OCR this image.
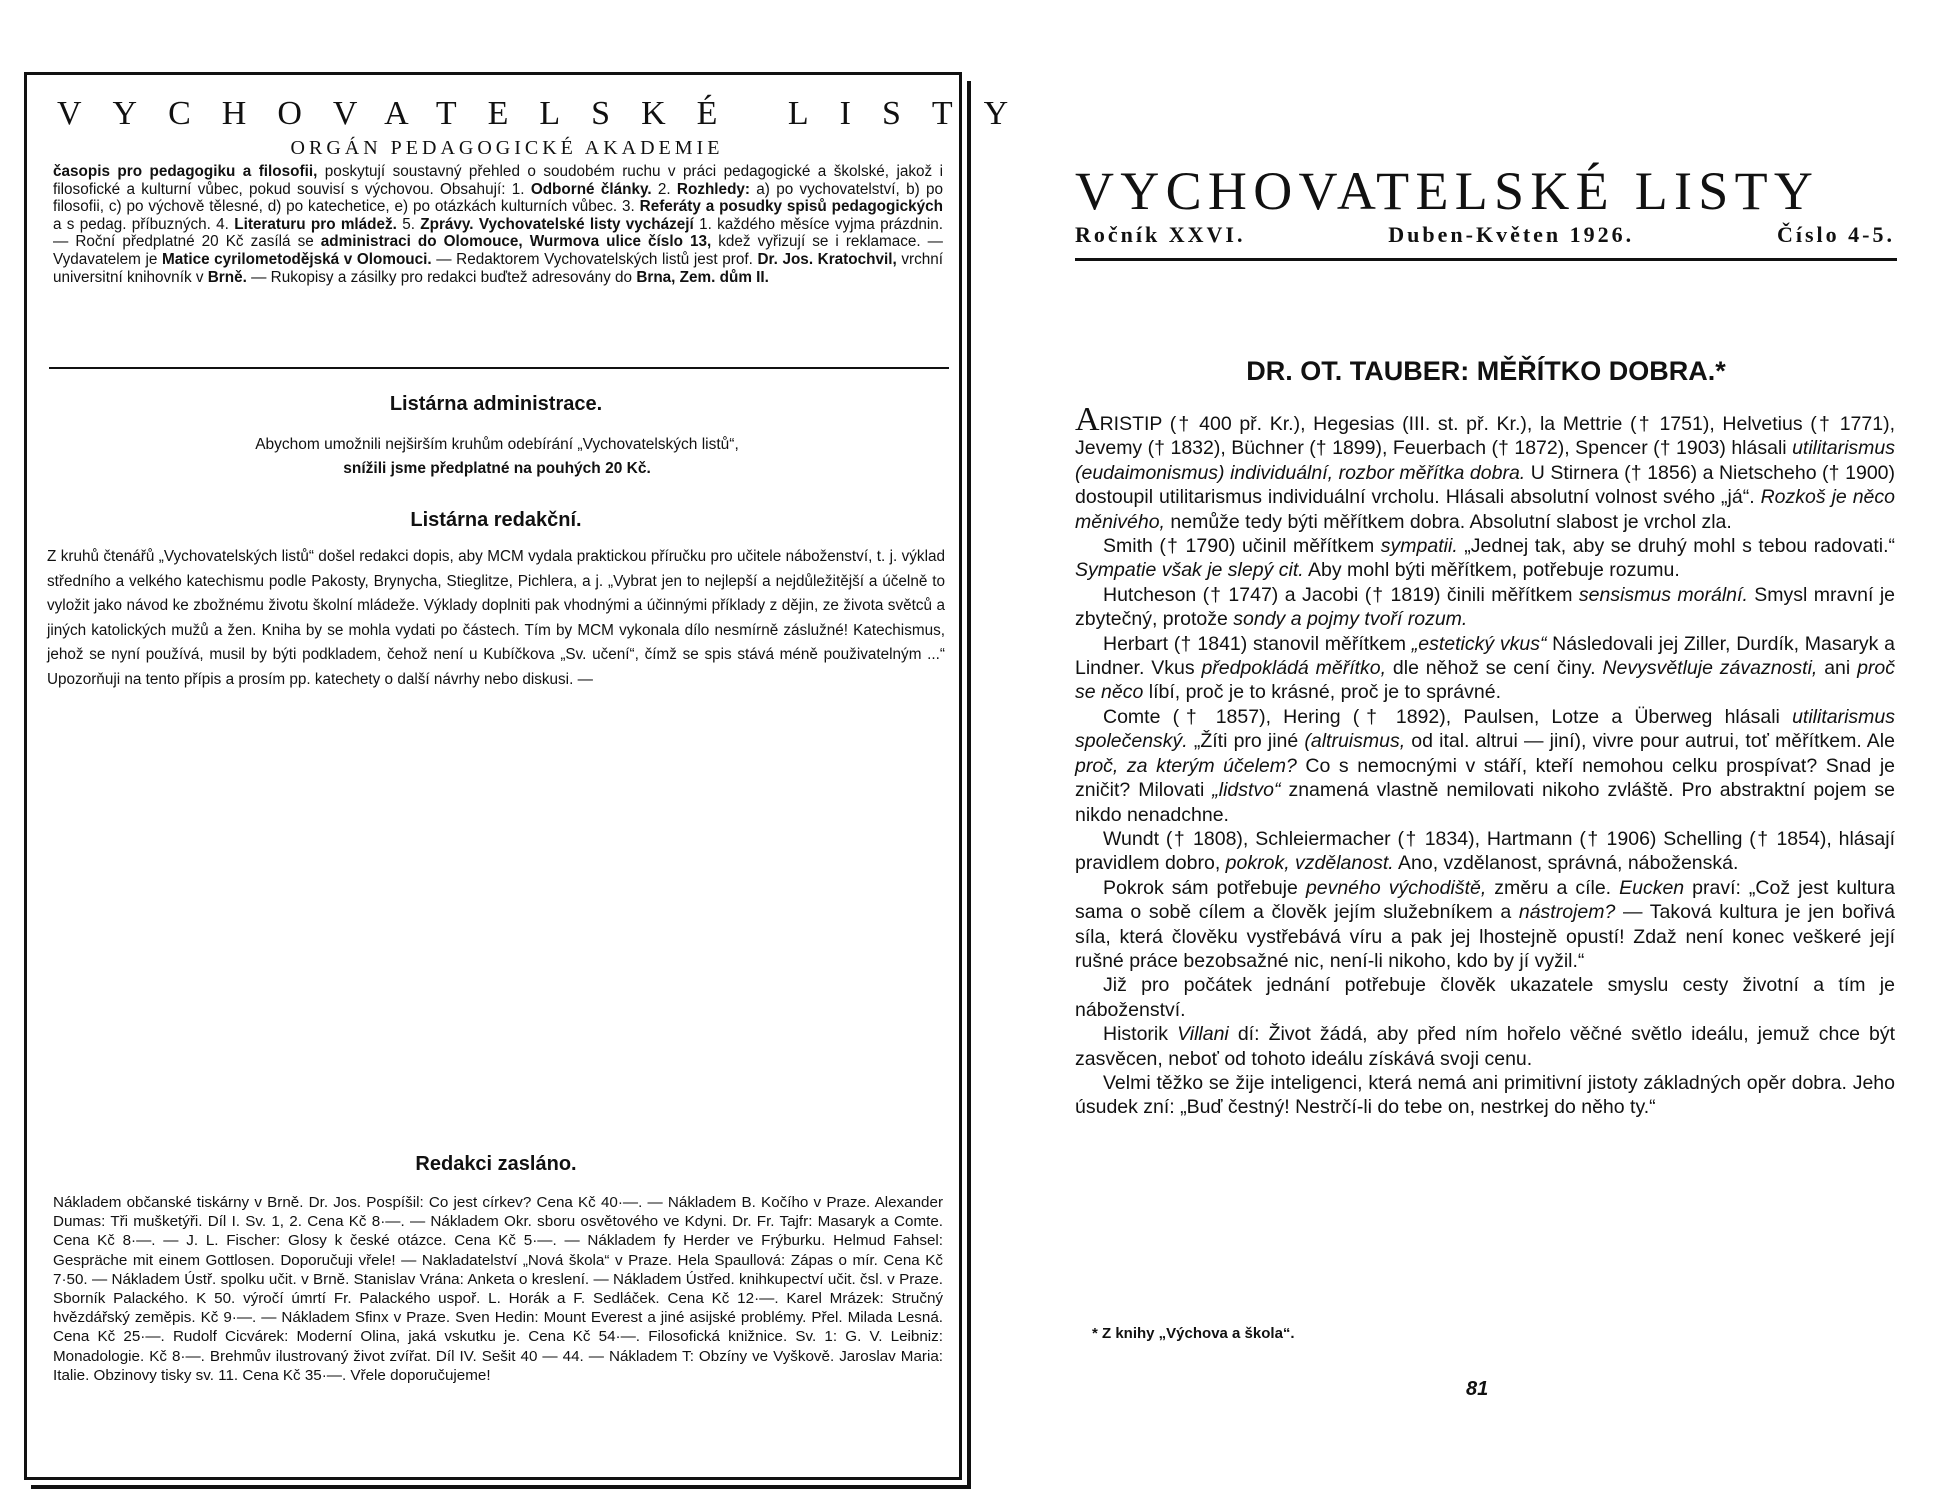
VYCHOVATELSKÉ LISTY
ORGÁN PEDAGOGICKÉ AKADEMIE

časopis pro pedagogiku a filosofii, poskytují soustavný přehled o soudobém ruchu v práci pedagogické a školské, jakož i filosofické a kulturní vůbec, pokud souvisí s výchovou. Obsahují: 1. Odborné články. 2. Rozhledy: a) po vychovatelství, b) po filosofii, c) po výchově tělesné, d) po katechetice, e) po otázkách kulturních vůbec. 3. Referáty a posudky spisů pedagogických a s pedag. příbuzných. 4. Literaturu pro mládež. 5. Zprávy. Vychovatelské listy vycházejí 1. každého měsíce vyjma prázdnin. — Roční předplatné 20 Kč zasílá se administraci do Olomouce, Wurmova ulice číslo 13, kdež vyřizují se i reklamace. — Vydavatelem je Matice cyrilometodějská v Olomouci. — Redaktorem Vychovatelských listů jest prof. Dr. Jos. Kratochvil, vrchní universitní knihovník v Brně. — Rukopisy a zásilky pro redakci buďtež adresovány do Brna, Zem. dům II.

Listárna administrace.
Abychom umožnili nejširším kruhům odebírání „Vychovatelských listů“,
snížili jsme předplatné na pouhých 20 Kč.
Listárna redakční.

Z kruhů čtenářů „Vychovatelských listů“ došel redakci dopis, aby MCM vydala praktickou příručku pro učitele náboženství, t. j. výklad středního a velkého katechismu podle Pakosty, Brynycha, Stieglitze, Pichlera, a j. „Vybrat jen to nejlepší a nejdůležitější a účelně to vyložit jako návod ke zbožnému životu školní mládeže. Výklady doplniti pak vhodnými a účinnými příklady z dějin, ze života světců a jiných katolických mužů a žen. Kniha by se mohla vydati po částech. Tím by MCM vykonala dílo nesmírně záslužné! Katechismus, jehož se nyní používá, musil by býti podkladem, čehož není u Kubíčkova „Sv. učení“, čímž se spis stává méně použivatelným ...“ Upozorňuji na tento přípis a prosím pp. katechety o další návrhy nebo diskusi. —

Redakci zasláno.

Nákladem občanské tiskárny v Brně. Dr. Jos. Pospíšil: Co jest církev? Cena Kč 40·—. — Nákladem B. Kočího v Praze. Alexander Dumas: Tři mušketýři. Díl I. Sv. 1, 2. Cena Kč 8·—. — Nákladem Okr. sboru osvětového ve Kdyni. Dr. Fr. Tajfr: Masaryk a Comte. Cena Kč 8·—. — J. L. Fischer: Glosy k české otázce. Cena Kč 5·—. — Nákladem fy Herder ve Frýburku. Helmud Fahsel: Gespräche mit einem Gottlosen. Doporučuji vřele! — Nakladatelství „Nová škola“ v Praze. Hela Spaullová: Zápas o mír. Cena Kč 7·50. — Nákladem Ústř. spolku učit. v Brně. Stanislav Vrána: Anketa o kreslení. — Nákladem Ústřed. knihkupectví učit. čsl. v Praze. Sborník Palackého. K 50. výročí úmrtí Fr. Palackého uspoř. L. Horák a F. Sedláček. Cena Kč 12·—. Karel Mrázek: Stručný hvězdářský zeměpis. Kč 9·—. — Nákladem Sfinx v Praze. Sven Hedin: Mount Everest a jiné asijské problémy. Přel. Milada Lesná. Cena Kč 25·—. Rudolf Cicvárek: Moderní Olina, jaká vskutku je. Cena Kč 54·—. Filosofická knižnice. Sv. 1: G. V. Leibniz: Monadologie. Kč 8·—. Brehmův ilustrovaný život zvířat. Díl IV. Sešit 40 — 44. — Nákladem T: Obzíny ve Vyškově. Jaroslav Maria: Italie. Obzinovy tisky sv. 11. Cena Kč 35·—. Vřele doporučujeme!

VYCHOVATELSKÉ LISTY
Ročník XXVI.	Duben-Květen 1926.	Číslo 4-5.
DR. OT. TAUBER: MĚŘÍTKO DOBRA.*

ARISTIP († 400 př. Kr.), Hegesias (III. st. př. Kr.), la Mettrie († 1751), Helvetius († 1771), Jevemy († 1832), Büchner († 1899), Feuerbach († 1872), Spencer († 1903) hlásali utilitarismus (eudaimonismus) individuální, rozbor měřítka dobra. U Stirnera († 1856) a Nietscheho († 1900) dostoupil utilitarismus individuální vrcholu. Hlásali absolutní volnost svého „já“. Rozkoš je něco měnivého, nemůže tedy býti měřítkem dobra. Absolutní slabost je vrchol zla.

Smith († 1790) učinil měřítkem sympatii. „Jednej tak, aby se druhý mohl s tebou radovati.“ Sympatie však je slepý cit. Aby mohl býti měřítkem, potřebuje rozumu.

Hutcheson († 1747) a Jacobi († 1819) činili měřítkem sensismus morální. Smysl mravní je zbytečný, protože sondy a pojmy tvoří rozum.

Herbart († 1841) stanovil měřítkem „estetický vkus“ Následovali jej Ziller, Durdík, Masaryk a Lindner. Vkus předpokládá měřítko, dle něhož se cení činy. Nevysvětluje závaznosti, ani proč se něco líbí, proč je to krásné, proč je to správné.

Comte († 1857), Hering († 1892), Paulsen, Lotze a Überweg hlásali utilitarismus společenský. „Žíti pro jiné (altruismus, od ital. altrui — jiní), vivre pour autrui, toť měřítkem. Ale proč, za kterým účelem? Co s nemocnými v stáří, kteří nemohou celku prospívat? Snad je zničit? Milovati „lidstvo“ znamená vlastně nemilovati nikoho zvláště. Pro abstraktní pojem se nikdo nenadchne.

Wundt († 1808), Schleiermacher († 1834), Hartmann († 1906) Schelling († 1854), hlásají pravidlem dobro, pokrok, vzdělanost. Ano, vzdělanost, správná, náboženská.

Pokrok sám potřebuje pevného východiště, změru a cíle. Eucken praví: „Což jest kultura sama o sobě cílem a člověk jejím služebníkem a nástrojem? — Taková kultura je jen bořivá síla, která člověku vystřebává víru a pak jej lhostejně opustí! Zdaž není konec veškeré její rušné práce bezobsažné nic, není-li nikoho, kdo by jí vyžil.“

Již pro počátek jednání potřebuje člověk ukazatele smyslu cesty životní a tím je náboženství.

Historik Villani dí: Život žádá, aby před ním hořelo věčné světlo ideálu, jemuž chce být zasvěcen, neboť od tohoto ideálu získává svoji cenu.

Velmi těžko se žije inteligenci, která nemá ani primitivní jistoty základných opěr dobra. Jeho úsudek zní: „Buď čestný! Nestrčí-li do tebe on, nestrkej do něho ty.“

* Z knihy „Výchova a škola“.
81
